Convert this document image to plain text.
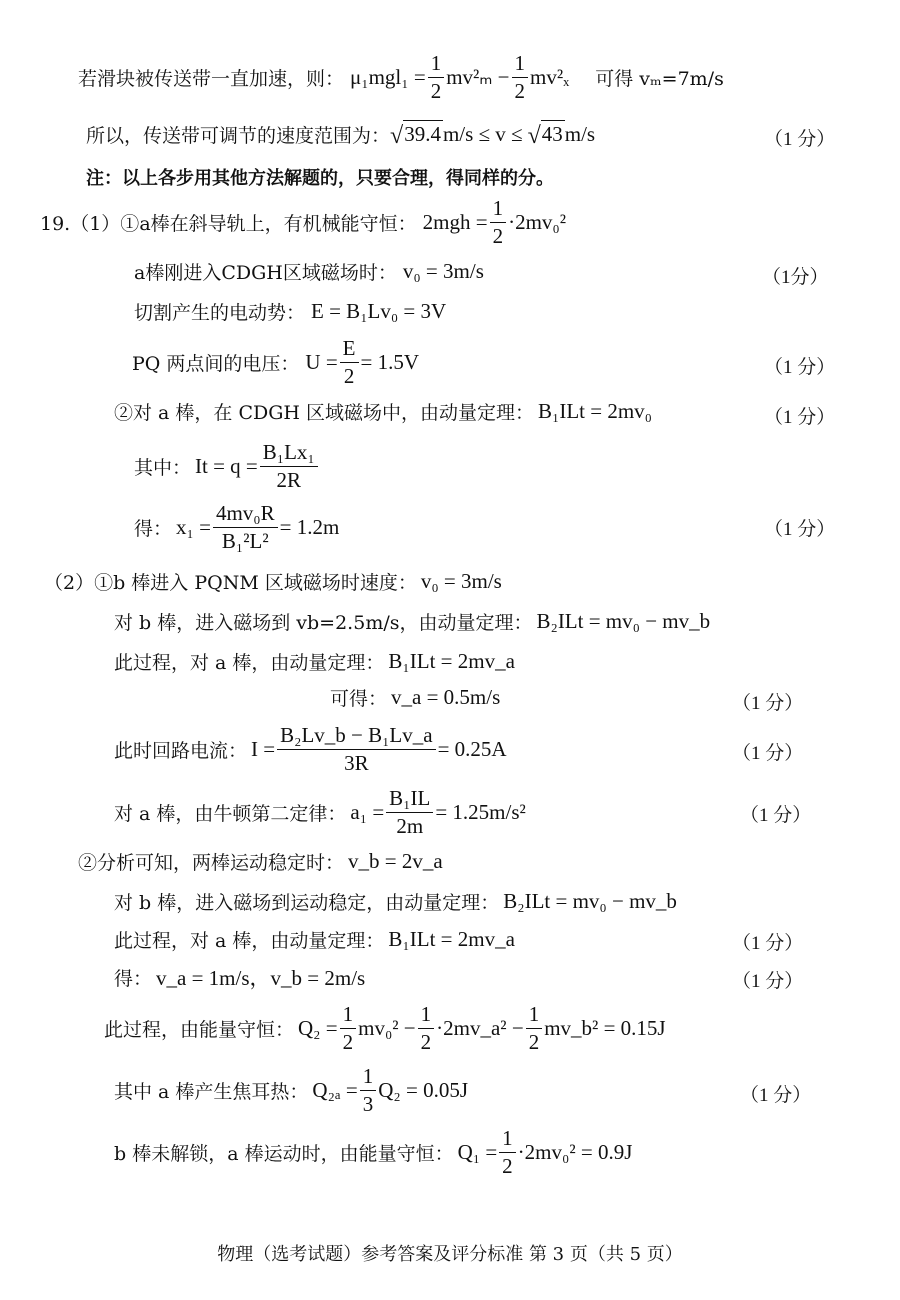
若滑块被传送带一直加速，则： $\mu_1mgl_1 = \frac{1}{2} mv^2_m - \frac{1}{2} mv^2_x$ 可得 vₘ=7m/s
所以，传送带可调节的速度范围为： √ 39.4 m/s ≤ v ≤ √ 43 m/s	（1 分）
注：以上各步用其他方法解题的，只要合理，得同样的分。
19.（1）① a棒在斜导轨上，有机械能守恒： $2mgh = \frac{1}{2} \cdot 2mv_0^2$
a棒刚进入CDGH区域磁场时： v₀ = 3m/s	（1分）
切割产生的电动势： E = B₁Lv₀ = 3V
PQ 两点间的电压： $U = \frac{E}{2} = 1.5V$	（1 分）
②对 a 棒，在 CDGH 区域磁场中，由动量定理： B₁ILt = 2mv₀	（1 分）
其中： $It = q = \frac{\text{B₁Lx₁}}{2R}$
得： $x_1 = \frac{\text{4mv₀R}}{\text{B₁²L²}} = 1.2m$	（1 分）
（2）① b 棒进入 PQNM 区域磁场时速度： v₀ = 3m/s
对 b 棒，进入磁场到 vb=2.5m/s，由动量定理： B₂ILt = mv₀ − mv_b
此过程，对 a 棒，由动量定理： B₁ILt = 2mv_a
可得： v_a = 0.5m/s	（1 分）
此时回路电流： $I = \frac{\text{B₂Lv\_b − B₁Lv\_a}}{3R} = 0.25A$	（1 分）
对 a 棒，由牛顿第二定律： $a_1 = \frac{\text{B₁IL}}{2m} = 1.25m/s^2$	（1 分）
②分析可知，两棒运动稳定时： v_b = 2v_a
对 b 棒，进入磁场到运动稳定，由动量定理： B₂ILt = mv₀ − mv_b
此过程，对 a 棒，由动量定理： B₁ILt = 2mv_a	（1 分）
得： v_a = 1m/s，v_b = 2m/s	（1 分）
此过程，由能量守恒： $Q_2 = \frac{1}{2} mv_0^2 - \frac{1}{2}$ ·2mv_a² − $\frac{1}{2}$ mv_b² = 0.15J
其中 a 棒产生焦耳热： $Q_{2a} = \frac{1}{3} Q_2 = 0.05J$	（1 分）
b 棒未解锁，a 棒运动时，由能量守恒： $Q_1 = \frac{1}{2} \cdot 2mv_0^2 = 0.9J$
物理（选考试题）参考答案及评分标准 第 3 页（共 5 页）
